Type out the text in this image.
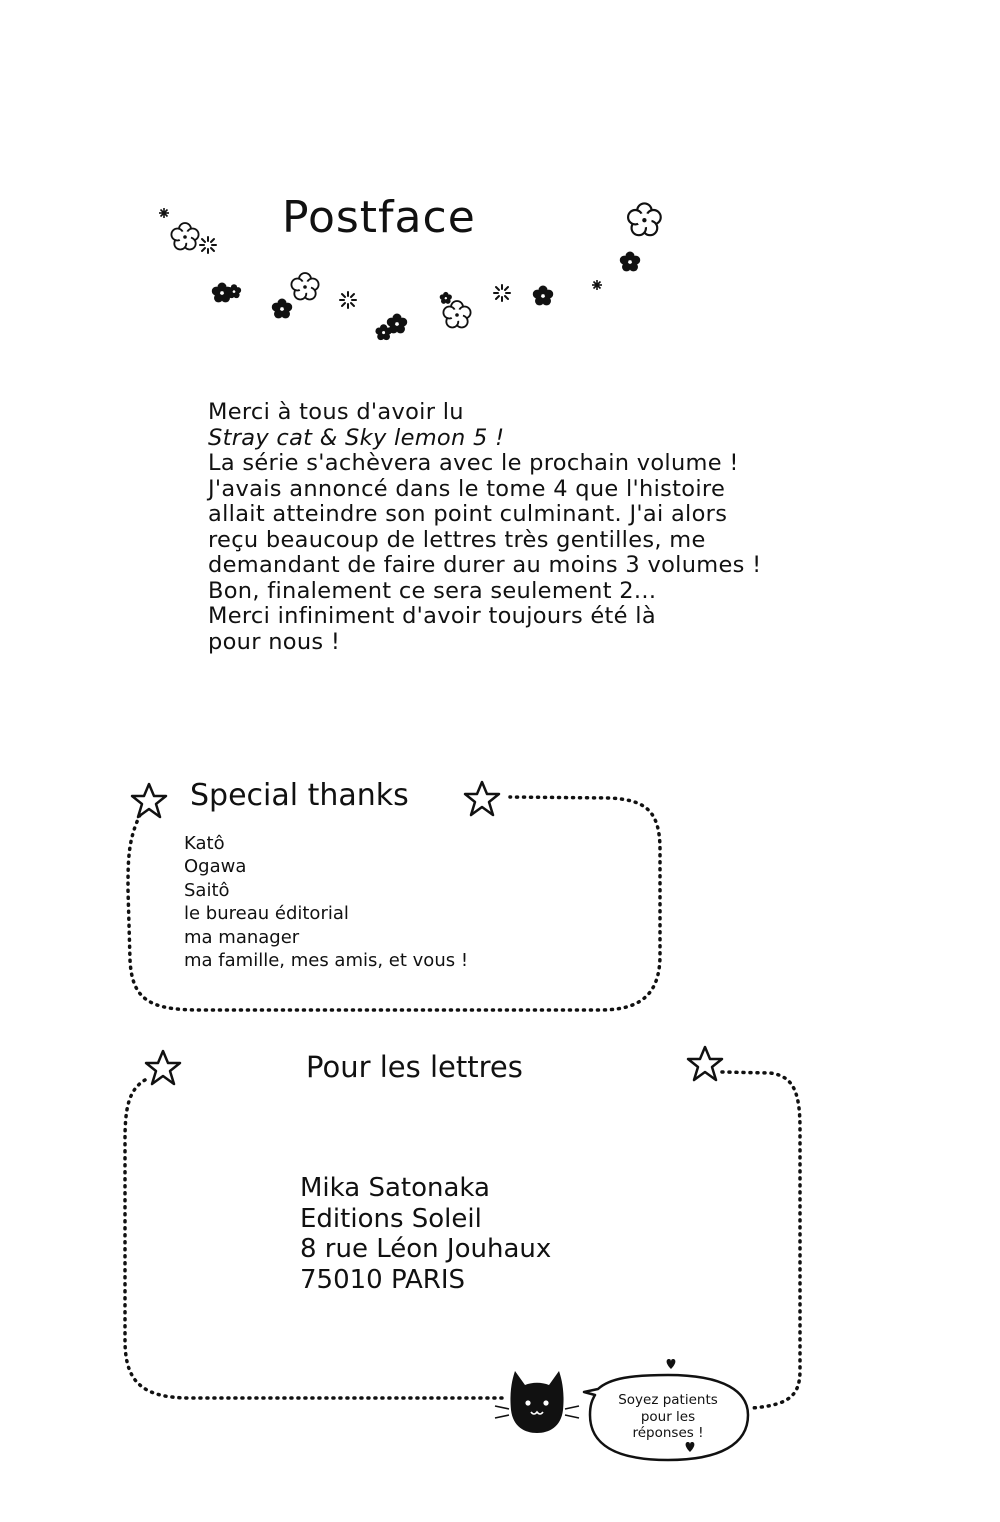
Postface
Merci à tous d'avoir lu
Stray cat & Sky lemon 5 !
La série s'achèvera avec le prochain volume !
J'avais annoncé dans le tome 4 que l'histoire
allait atteindre son point culminant. J'ai alors
reçu beaucoup de lettres très gentilles, me
demandant de faire durer au moins 3 volumes !
Bon, finalement ce sera seulement 2...
Merci infiniment d'avoir toujours été là
pour nous !
Special thanks
Katô
Ogawa
Saitô
le bureau éditorial
ma manager
ma famille, mes amis, et vous !
Pour les lettres
Mika Satonaka
Editions Soleil
8 rue Léon Jouhaux
75010 PARIS
Soyez patients
pour les
réponses !
